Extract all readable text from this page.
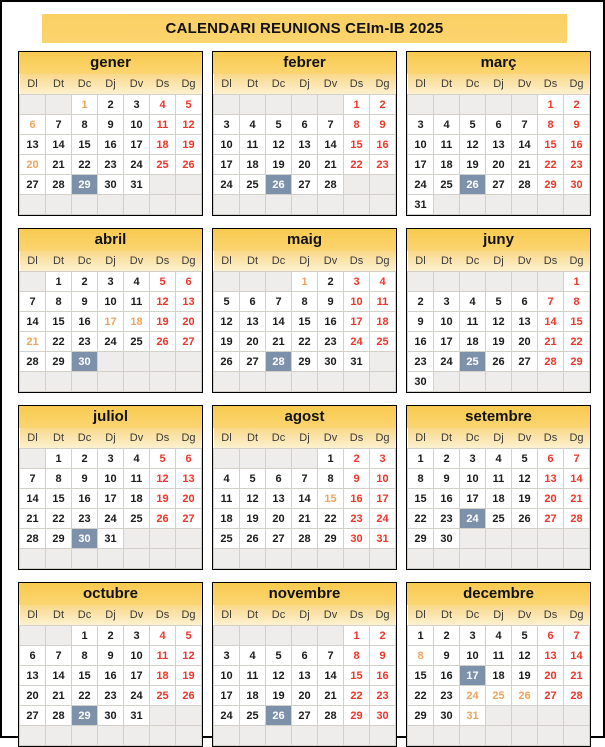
CALENDARI REUNIONS CEIm-IB 2025
gener
Dl	Dt	Dc	Dj	Dv	Ds	Dg
		1	2	3	4	5
6	7	8	9	10	11	12
13	14	15	16	17	18	19
20	21	22	23	24	25	26
27	28	29	30	31		

febrer
Dl	Dt	Dc	Dj	Dv	Ds	Dg
					1	2
3	4	5	6	7	8	9
10	11	12	13	14	15	16
17	18	19	20	21	22	23
24	25	26	27	28		

març
Dl	Dt	Dc	Dj	Dv	Ds	Dg
					1	2
3	4	5	6	7	8	9
10	11	12	13	14	15	16
17	18	19	20	21	22	23
24	25	26	27	28	29	30
31						
abril
Dl	Dt	Dc	Dj	Dv	Ds	Dg
	1	2	3	4	5	6
7	8	9	10	11	12	13
14	15	16	17	18	19	20
21	22	23	24	25	26	27
28	29	30				

maig
Dl	Dt	Dc	Dj	Dv	Ds	Dg
			1	2	3	4
5	6	7	8	9	10	11
12	13	14	15	16	17	18
19	20	21	22	23	24	25
26	27	28	29	30	31	

juny
Dl	Dt	Dc	Dj	Dv	Ds	Dg
						1
2	3	4	5	6	7	8
9	10	11	12	13	14	15
16	17	18	19	20	21	22
23	24	25	26	27	28	29
30						
juliol
Dl	Dt	Dc	Dj	Dv	Ds	Dg
	1	2	3	4	5	6
7	8	9	10	11	12	13
14	15	16	17	18	19	20
21	22	23	24	25	26	27
28	29	30	31			

agost
Dl	Dt	Dc	Dj	Dv	Ds	Dg
				1	2	3
4	5	6	7	8	9	10
11	12	13	14	15	16	17
18	19	20	21	22	23	24
25	26	27	28	29	30	31

setembre
Dl	Dt	Dc	Dj	Dv	Ds	Dg
1	2	3	4	5	6	7
8	9	10	11	12	13	14
15	16	17	18	19	20	21
22	23	24	25	26	27	28
29	30					

octubre
Dl	Dt	Dc	Dj	Dv	Ds	Dg
		1	2	3	4	5
6	7	8	9	10	11	12
13	14	15	16	17	18	19
20	21	22	23	24	25	26
27	28	29	30	31		

novembre
Dl	Dt	Dc	Dj	Dv	Ds	Dg
					1	2
3	4	5	6	7	8	9
10	11	12	13	14	15	16
17	18	19	20	21	22	23
24	25	26	27	28	29	30

decembre
Dl	Dt	Dc	Dj	Dv	Ds	Dg
1	2	3	4	5	6	7
8	9	10	11	12	13	14
15	16	17	18	19	20	21
22	23	24	25	26	27	28
29	30	31				
